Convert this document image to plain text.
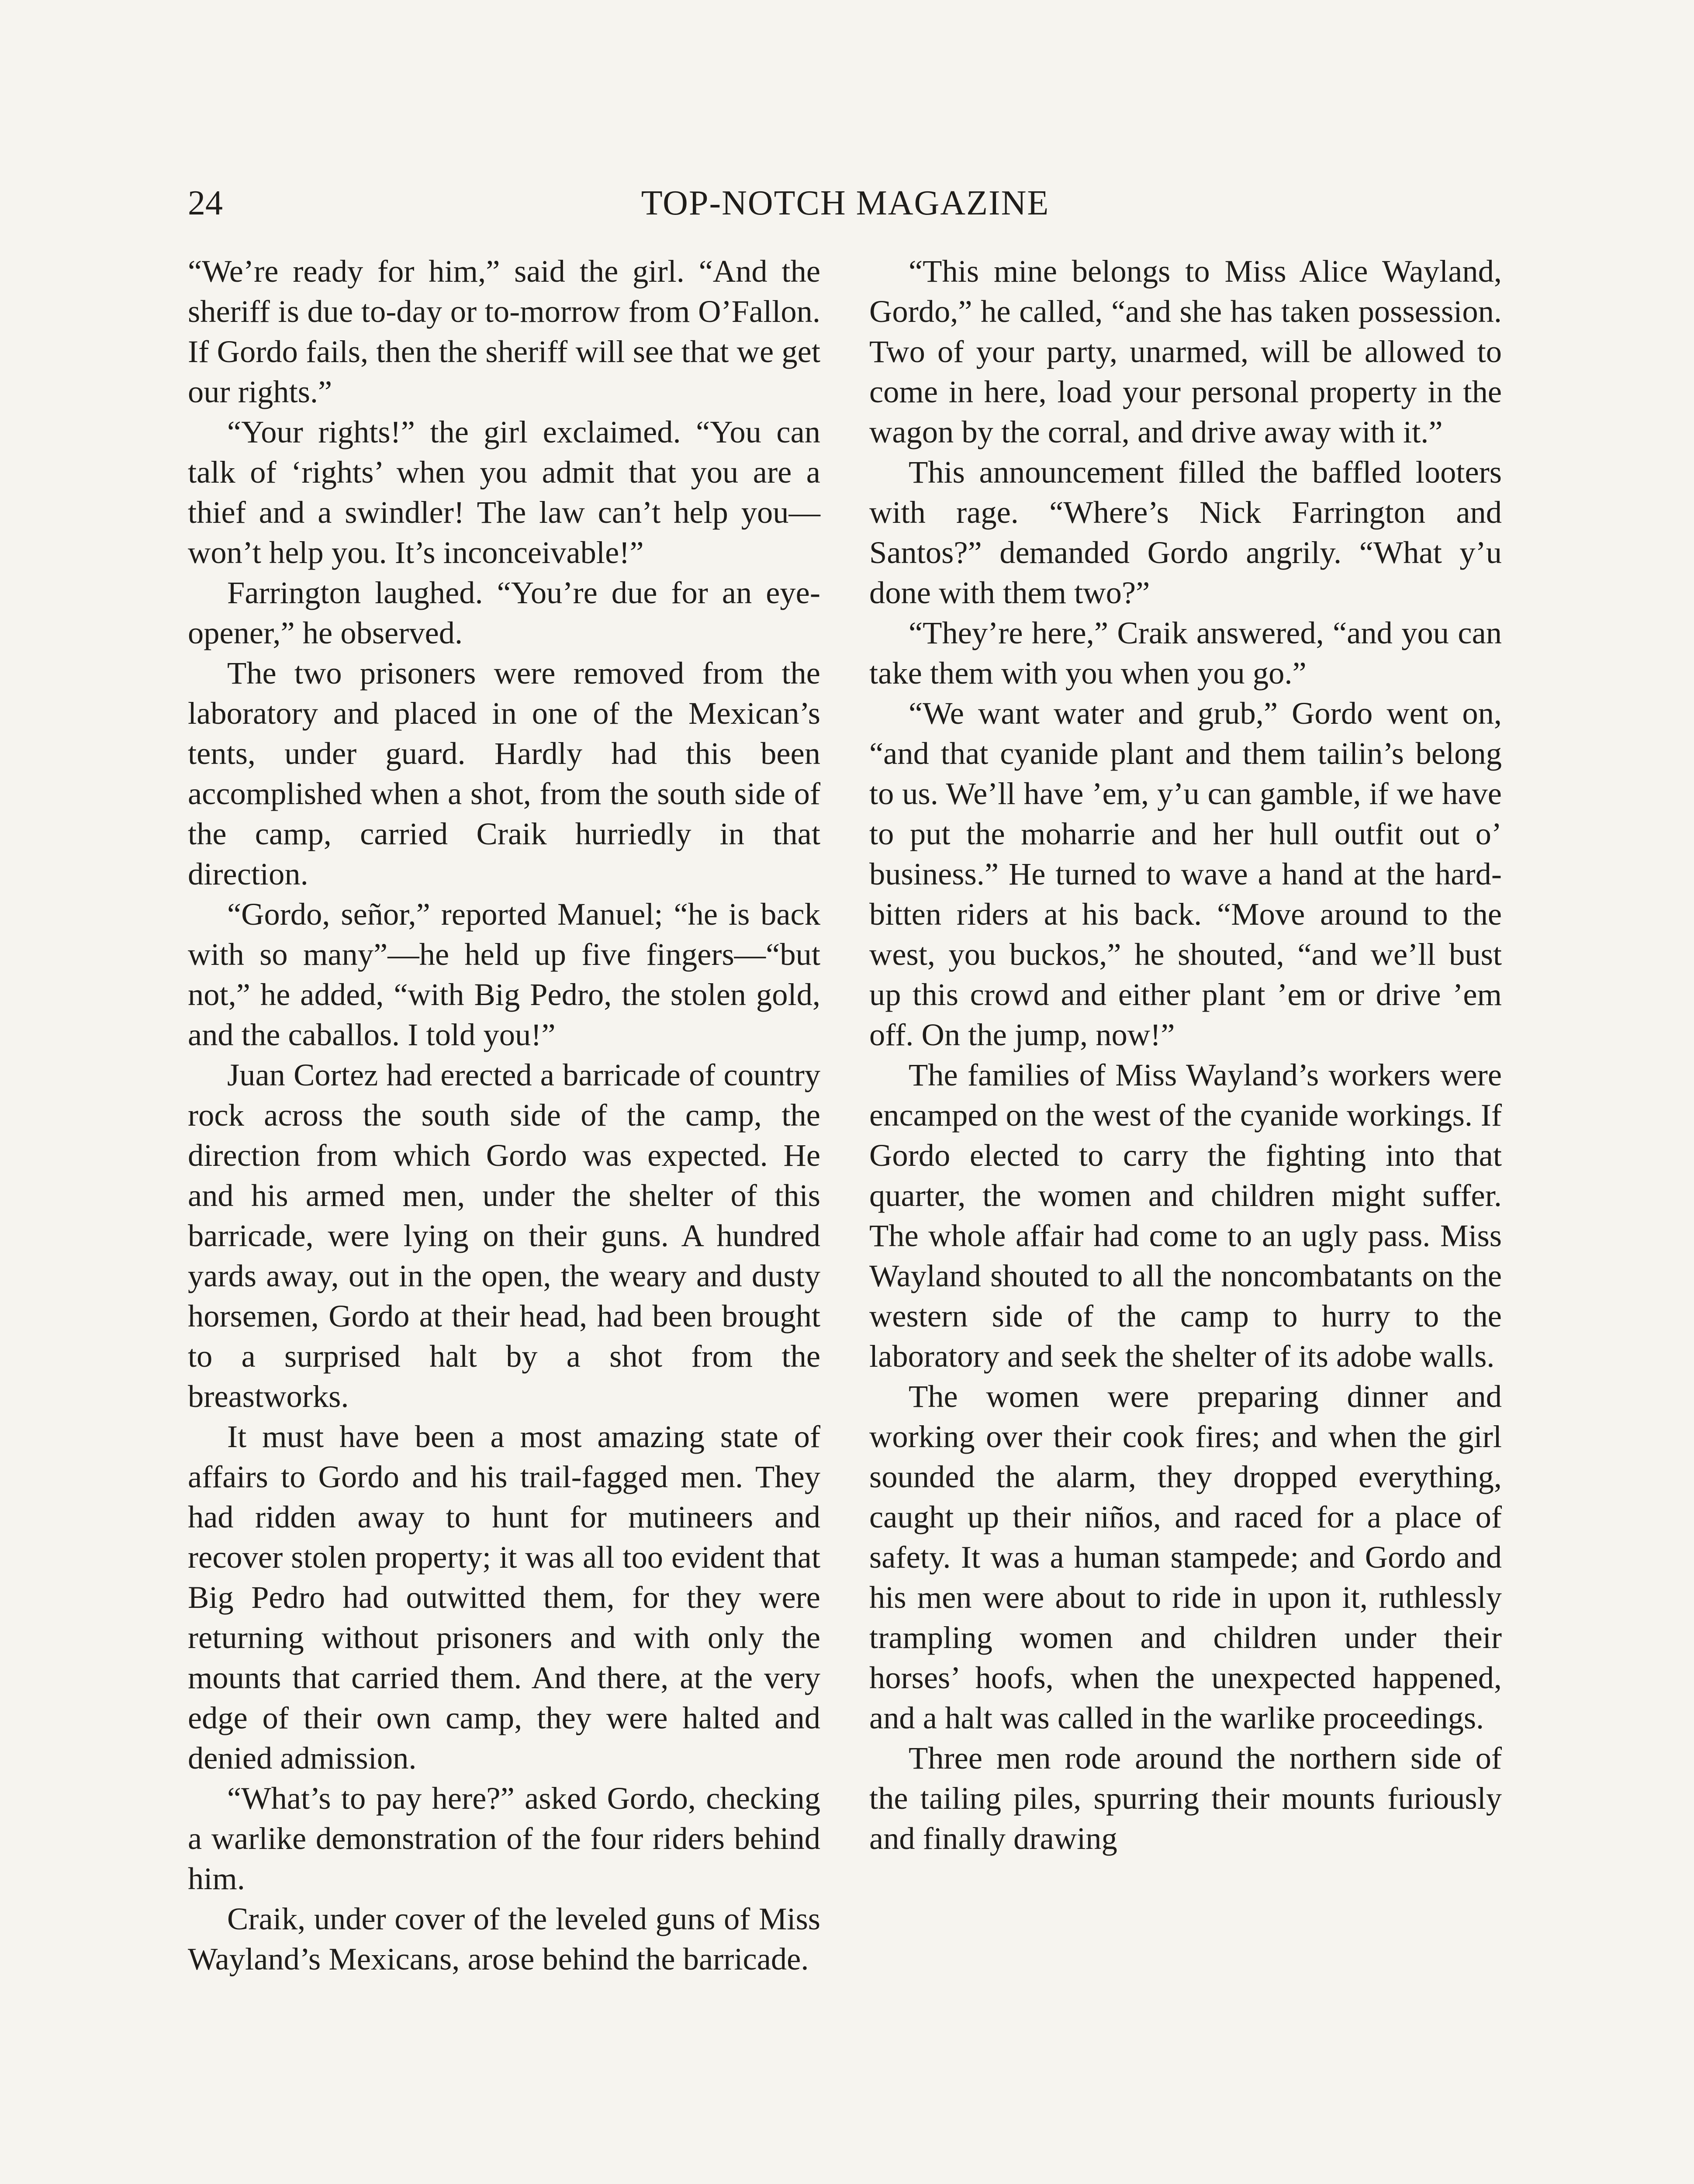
24	TOP-NOTCH MAGAZINE

“We’re ready for him,” said the girl. “And the sheriff is due to-day or to-morrow from O’Fallon. If Gordo fails, then the sheriff will see that we get our rights.”

“Your rights!” the girl exclaimed. “You can talk of ‘rights’ when you admit that you are a thief and a swindler! The law can’t help you—won’t help you. It’s inconceivable!”

Farrington laughed. “You’re due for an eye-opener,” he observed.

The two prisoners were removed from the laboratory and placed in one of the Mexican’s tents, under guard. Hardly had this been accomplished when a shot, from the south side of the camp, carried Craik hurriedly in that direction.

“Gordo, señor,” reported Manuel; “he is back with so many”—he held up five fingers—“but not,” he added, “with Big Pedro, the stolen gold, and the caballos. I told you!”

Juan Cortez had erected a barricade of country rock across the south side of the camp, the direction from which Gordo was expected. He and his armed men, under the shelter of this barricade, were lying on their guns. A hundred yards away, out in the open, the weary and dusty horsemen, Gordo at their head, had been brought to a surprised halt by a shot from the breastworks.

It must have been a most amazing state of affairs to Gordo and his trail-fagged men. They had ridden away to hunt for mutineers and recover stolen property; it was all too evident that Big Pedro had outwitted them, for they were returning without prisoners and with only the mounts that carried them. And there, at the very edge of their own camp, they were halted and denied admission.

“What’s to pay here?” asked Gordo, checking a warlike demonstration of the four riders behind him.

Craik, under cover of the leveled guns of Miss Wayland’s Mexicans, arose behind the barricade.

“This mine belongs to Miss Alice Wayland, Gordo,” he called, “and she has taken possession. Two of your party, unarmed, will be allowed to come in here, load your personal property in the wagon by the corral, and drive away with it.”

This announcement filled the baffled looters with rage. “Where’s Nick Farrington and Santos?” demanded Gordo angrily. “What y’u done with them two?”

“They’re here,” Craik answered, “and you can take them with you when you go.”

“We want water and grub,” Gordo went on, “and that cyanide plant and them tailin’s belong to us. We’ll have ’em, y’u can gamble, if we have to put the moharrie and her hull outfit out o’ business.” He turned to wave a hand at the hard-bitten riders at his back. “Move around to the west, you buckos,” he shouted, “and we’ll bust up this crowd and either plant ’em or drive ’em off. On the jump, now!”

The families of Miss Wayland’s workers were encamped on the west of the cyanide workings. If Gordo elected to carry the fighting into that quarter, the women and children might suffer. The whole affair had come to an ugly pass. Miss Wayland shouted to all the noncombatants on the western side of the camp to hurry to the laboratory and seek the shelter of its adobe walls.

The women were preparing dinner and working over their cook fires; and when the girl sounded the alarm, they dropped everything, caught up their niños, and raced for a place of safety. It was a human stampede; and Gordo and his men were about to ride in upon it, ruthlessly trampling women and children under their horses’ hoofs, when the unexpected happened, and a halt was called in the warlike proceedings.

Three men rode around the northern side of the tailing piles, spurring their mounts furiously and finally drawing
